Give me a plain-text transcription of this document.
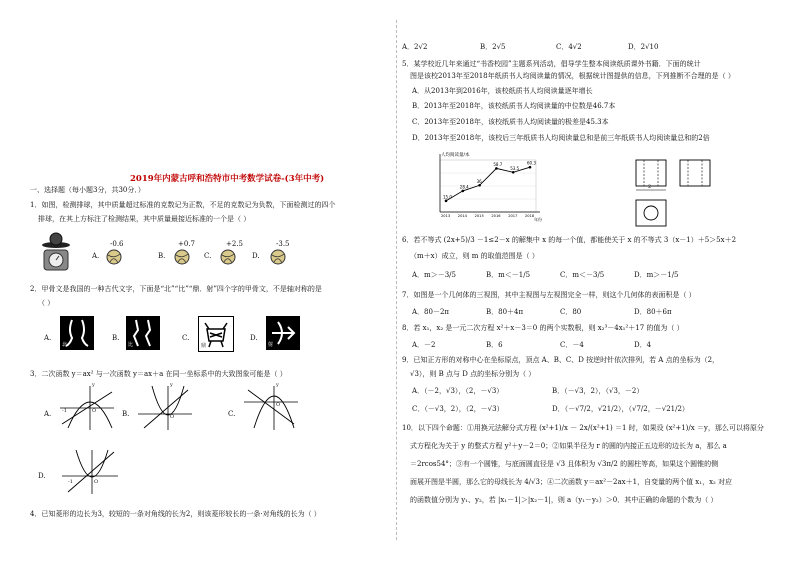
2019年内蒙古呼和浩特市中考数学试卷-(3年中考)
一、选择题（每小题3分，共30分．）
1．如图，检测排球，其中质量超过标准的克数记为正数，不足的克数记为负数，下面检测过的四个
排球，在其上方标注了检测结果，其中质量最接近标准的一个是（ ）
A.
-0.6
B.
+0.7
C.
+2.5
D.
-3.5
2．甲骨文是我国的一种古代文字，下面是“北”“比”“鼎．射”四个字的甲骨文，不是轴对称的是
（ ）
A.
北
B.
比
C.
鼎
D.
射
3．二次函数 y＝ax² 与一次函数 y＝ax＋a 在同一坐标系中的大致图象可能是（ ）
A. -1	O
y
B.	O
y
C.
O
y
D.
-1	O
4．已知菱形的边长为3，较短的一条对角线的长为2，则该菱形较长的一条·对角线的长为（ ）
A．2√2	B．2√5	C．4√2	D．2√10
5．某学校近几年来通过“书香校园”主题系列活动，倡导学生整本阅读纸质课外书籍．下面的统计
图是该校2013年至2018年纸质书人均阅读量的情况，根据统计图提供的信息，下列推断不合理的是（ ）
A．从2013年到2016年，该校纸质书人均阅读量逐年增长
B．2013年至2018年，该校纸质书人均阅读量的中位数是46.7本
C．2013年至2018年，该校纸质书人均阅读量的极差是45.3本
D．2013年至2018年，该校后三年纸质书人均阅读量总和是前三年纸质书人均阅读量总和的2倍
人均阅读量/本
年份
15.0
2013
28.4
2014
36
2015
58.7
2016
53.5
2017
60.3
2018
2
6．若不等式 (2x+5)/3 －1≤2－x 的解集中 x 的每一个值，都能使关于 x 的不等式 3（x－1）＋5＞5x＋2
（m＋x）成立，则 m 的取值范围是（ ）
A．m＞－3/5	B．m＜－1/5	C．m＜－3/5	D．m＞－1/5
7．如图是一个几何体的三视图，其中主视图与左视图完全一样，则这个几何体的表面积是（ ）
A．80－2π	B．80＋4π	C．80	D．80＋6π
8．若 x₁，x₂ 是一元二次方程 x²＋x－3＝0 的两个实数根，则 x₂³－4x₁²＋17 的值为（ ）
A．－2	B．6	C．－4	D．4
9．已知正方形的对称中心在坐标原点，顶点 A、B、C、D 按逆时针依次排列，若 A 点的坐标为（2，
√3），则 B 点与 D 点的坐标分别为（ ）
A．（－2，√3），（2，－√3）	B．（－√3，2），（√3，－2）
C．（－√3，2），（2，－√3）	D．（－√7/2，√21/2），（√7/2，－√21/2）
10．以下四个命题：①用换元法解分式方程 (x²+1)/x － 2x/(x²+1) ＝1 时，如果设 (x²+1)/x ＝y，那么可以将原分
式方程化为关于 y 的整式方程 y²＋y－2＝0；②如果半径为 r 的圆的内接正五边形的边长为 a，那么 a
＝2rcos54°；③有一个圆锥，与底面圆直径是 √3 且体积为 √3π/2 的圆柱等高，如果这个圆锥的侧
面展开图是半圆，那么它的母线长为 4/√3；④二次函数 y＝ax²－2ax＋1，自变量的两个值 x₁，x₂ 对应
的函数值分别为 y₁、y₂，若 |x₁－1|＞|x₂－1|，则 a（y₁－y₂）＞0．其中正确的命题的个数为（ ）
